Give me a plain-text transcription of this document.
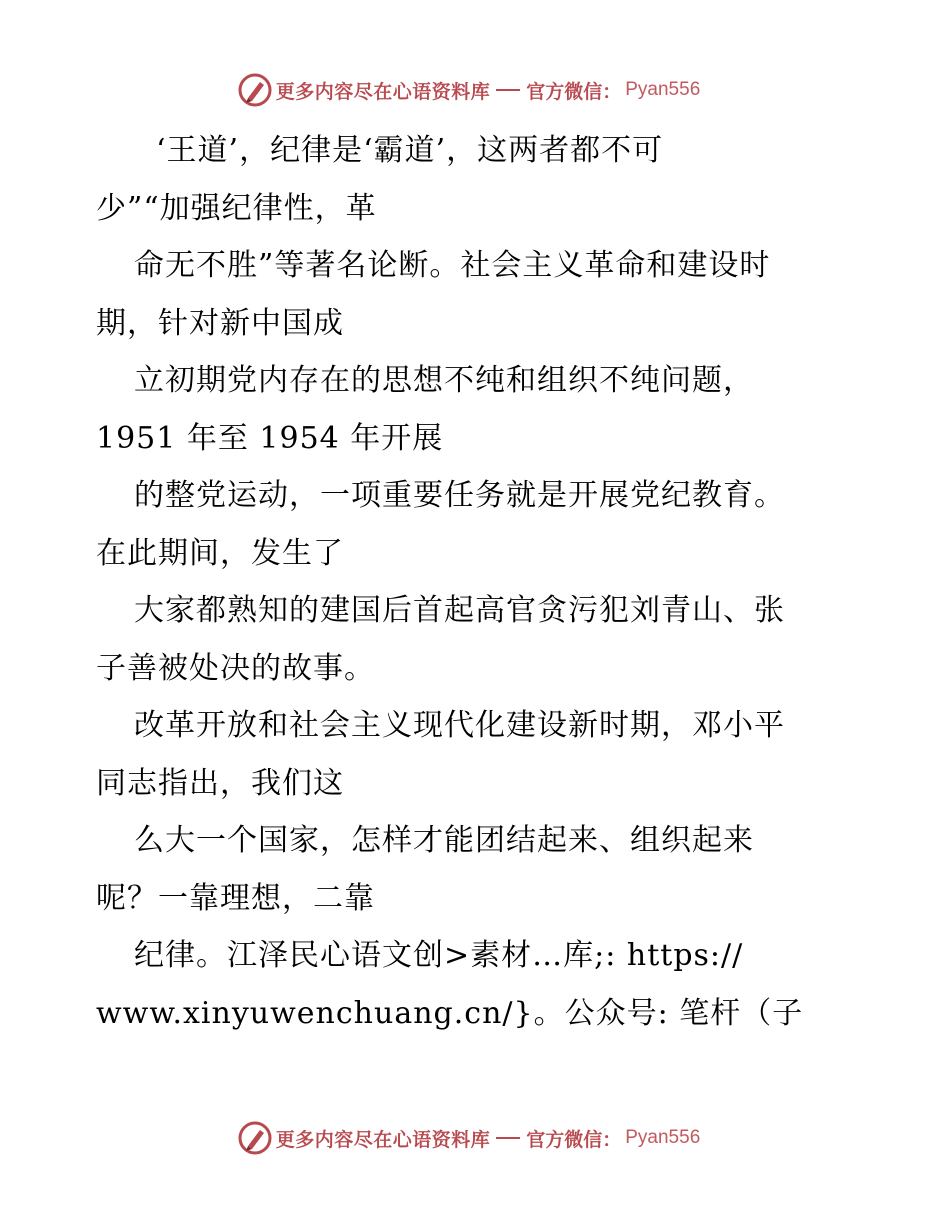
更多内容尽在心语资料库 官方微信： Pyan556
‘王道’，纪律是‘霸道’，这两者都不可
少”“加强纪律性，革
命无不胜”等著名论断。社会主义革命和建设时
期，针对新中国成
立初期党内存在的思想不纯和组织不纯问题，
1951 年至 1954 年开展
的整党运动，一项重要任务就是开展党纪教育。
在此期间，发生了
大家都熟知的建国后首起高官贪污犯刘青山、张
子善被处决的故事。
改革开放和社会主义现代化建设新时期，邓小平
同志指出，我们这
么大一个国家，怎样才能团结起来、组织起来
呢？一靠理想，二靠
纪律。江泽民心语文创>素材…库;: https://
www.xinyuwenchuang.cn/}。公众号: 笔杆（子
更多内容尽在心语资料库 官方微信： Pyan556
